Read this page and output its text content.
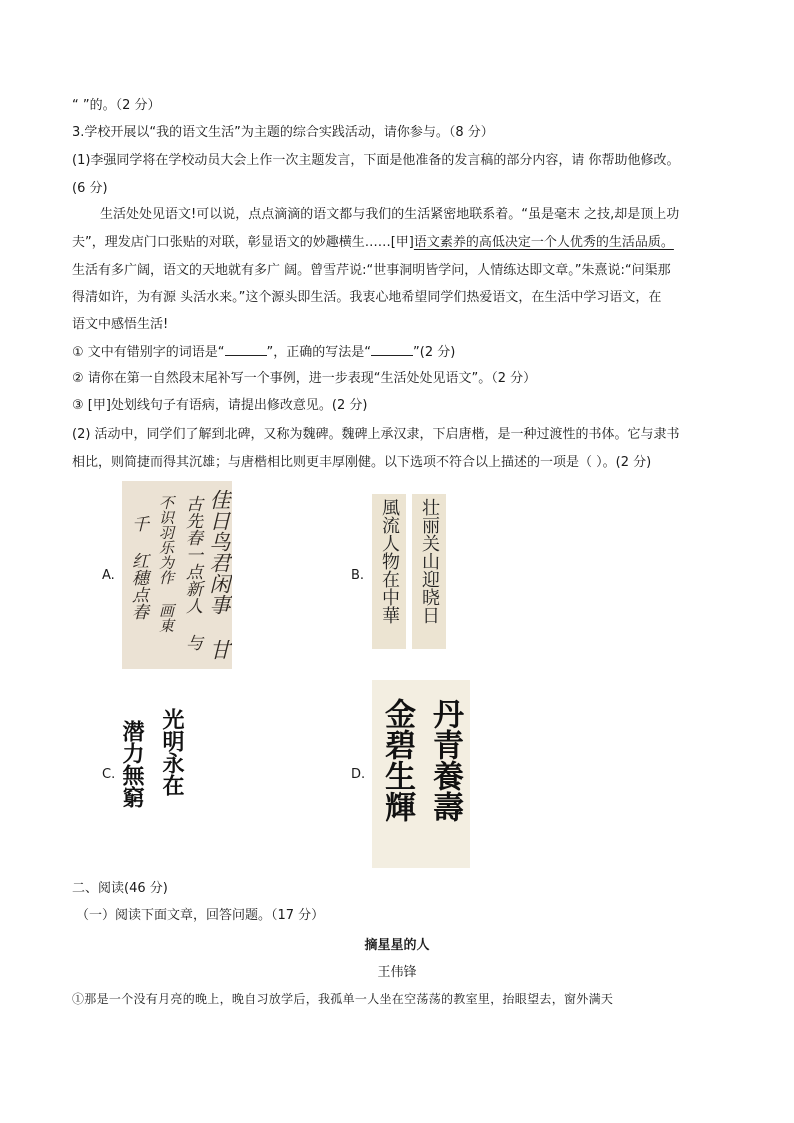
“ ”的。（2 分）
3.学校开展以“我的语文生活”为主题的综合实践活动，请你参与。（8 分）
(1)李强同学将在学校动员大会上作一次主题发言，下面是他准备的发言稿的部分内容，请 你帮助他修改。
(6 分)
生活处处见语文!可以说，点点滴滴的语文都与我们的生活紧密地联系着。“虽是毫末 之技,却是顶上功
夫”，理发店门口张贴的对联，彰显语文的妙趣横生……[甲]语文素养的高低决定一个人优秀的生活品质。
生活有多广阔，语文的天地就有多广 阔。曾雪芹说:“世事洞明皆学问，人情练达即文章。”朱熹说:“问渠那
得清如许，为有源 头活水来。”这个源头即生活。我衷心地希望同学们热爱语文，在生活中学习语文，在
语文中感悟生活!
① 文中有错别字的词语是“	”，正确的写法是“	”(2 分)
② 请你在第一自然段末尾补写一个事例，进一步表现“生活处处见语文”。（2 分）
③ [甲]处划线句子有语病，请提出修改意见。(2 分)
(2) 活动中，同学们了解到北碑，又称为魏碑。魏碑上承汉隶，下启唐楷，是一种过渡性的书体。它与隶书
相比，则简捷而得其沉雄；与唐楷相比则更丰厚刚健。以下选项不符合以上描述的一项是（ ）。(2 分)
A.	佳日鸟君闲事 甘
古先春一点新人 与
不识羽乐为作 画東
千 红穗点春	B. 風流人物在中華 壮丽关山迎晓日
C. 光明永在
潜力無窮	D. 丹青養壽
金碧生輝
二、阅读(46 分)
（一）阅读下面文章，回答问题。（17 分）
摘星星的人
王伟锋
①那是一个没有月亮的晚上，晚自习放学后，我孤单一人坐在空荡荡的教室里，抬眼望去，窗外满天
